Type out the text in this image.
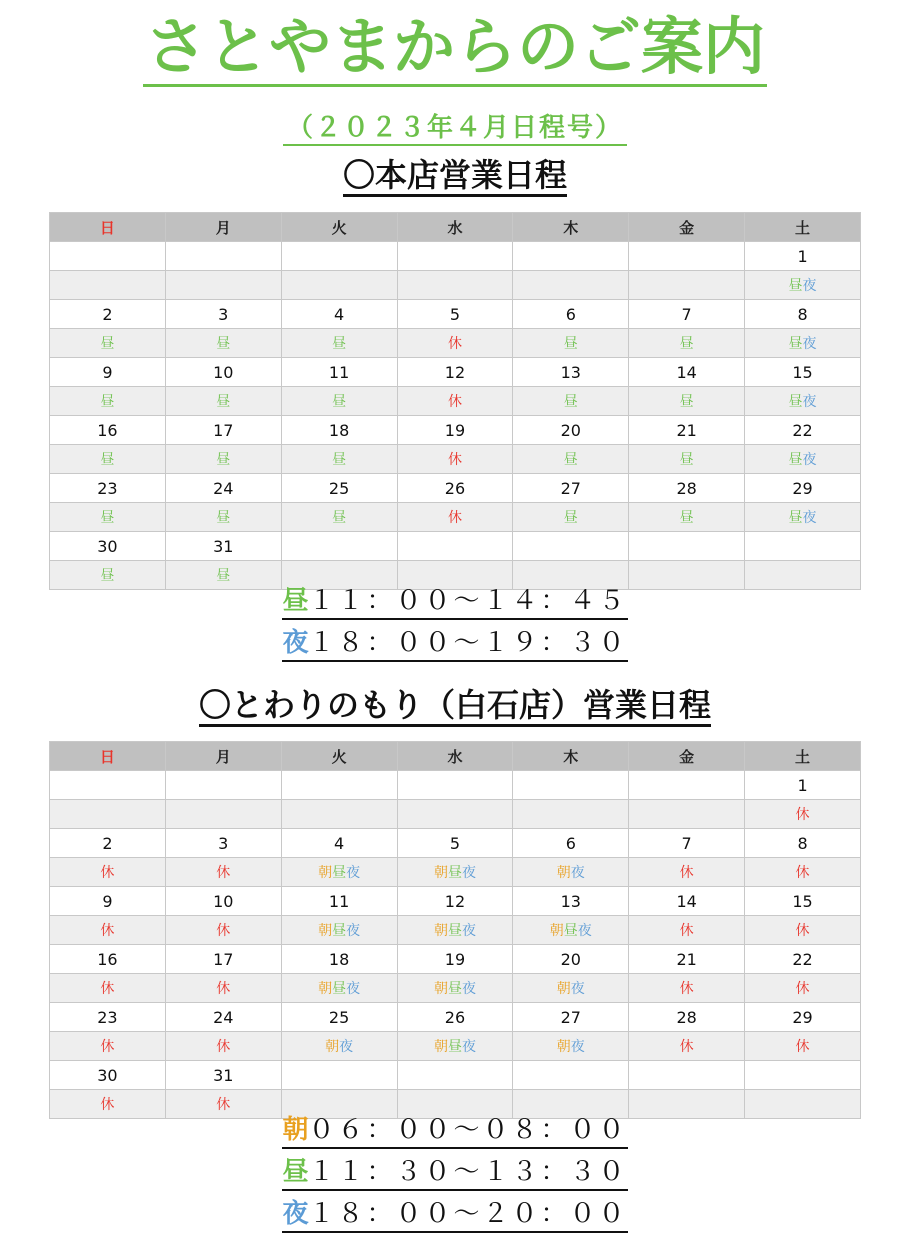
さとやまからのご案内
（２０２３年４月日程号）
〇本店営業日程
日	月	火	水	木	金	土
						1
						昼夜
2	3	4	5	6	7	8
昼	昼	昼	休	昼	昼	昼夜
9	10	11	12	13	14	15
昼	昼	昼	休	昼	昼	昼夜
16	17	18	19	20	21	22
昼	昼	昼	休	昼	昼	昼夜
23	24	25	26	27	28	29
昼	昼	昼	休	昼	昼	昼夜
30	31					
昼	昼					
昼１１：００～１４：４５
夜１８：００～１９：３０
〇とわりのもり（白石店）営業日程
日	月	火	水	木	金	土
						1
						休
2	3	4	5	6	7	8
休	休	朝昼夜	朝昼夜	朝夜	休	休
9	10	11	12	13	14	15
休	休	朝昼夜	朝昼夜	朝昼夜	休	休
16	17	18	19	20	21	22
休	休	朝昼夜	朝昼夜	朝夜	休	休
23	24	25	26	27	28	29
休	休	朝夜	朝昼夜	朝夜	休	休
30	31					
休	休					
朝０６：００～０８：００
昼１１：３０～１３：３０
夜１８：００～２０：００
